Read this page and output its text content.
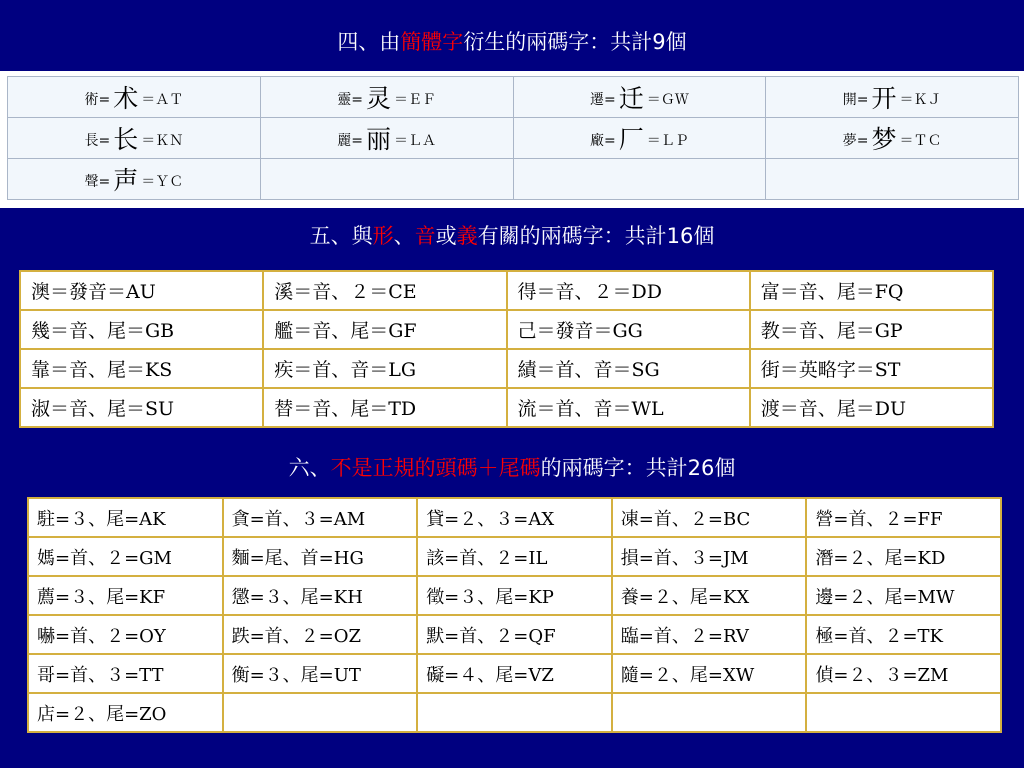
四、由簡體字衍生的兩碼字：共計9個
術= 术 ＝ＡＴ	靈= 灵 ＝ＥＦ	遷= 迁 ＝ＧＷ	開= 开 ＝ＫＪ
長= 长 ＝ＫＮ	麗= 丽 ＝ＬＡ	廠= 厂 ＝ＬＰ	夢= 梦 ＝ＴＣ
聲= 声 ＝ＹＣ			
五、與形、音或義有關的兩碼字：共計16個
澳＝發音＝AU	溪＝音、２＝CE	得＝音、２＝DD	富＝音、尾＝FQ
幾＝音、尾＝GB	艦＝音、尾＝GF	己＝發音＝GG	教＝音、尾＝GP
靠＝音、尾＝KS	疾＝首、音＝LG	績＝首、音＝SG	街＝英略字＝ST
淑＝音、尾＝SU	替＝音、尾＝TD	流＝首、音＝WL	渡＝音、尾＝DU
六、不是正規的頭碼＋尾碼的兩碼字：共計26個
駐=３、尾=AK	貪=首、３=AM	貸=２、３=AX	凍=首、２=BC	營=首、２=FF
媽=首、２=GM	麵=尾、首=HG	該=首、２=IL	損=首、３=JM	潛=２、尾=KD
薦=３、尾=KF	懲=３、尾=KH	徵=３、尾=KP	養=２、尾=KX	邊=２、尾=MW
嚇=首、２=OY	跌=首、２=OZ	默=首、２=QF	臨=首、２=RV	極=首、２=TK
哥=首、３=TT	衡=３、尾=UT	礙=４、尾=VZ	隨=２、尾=XW	偵=２、３=ZM
店=２、尾=ZO				
